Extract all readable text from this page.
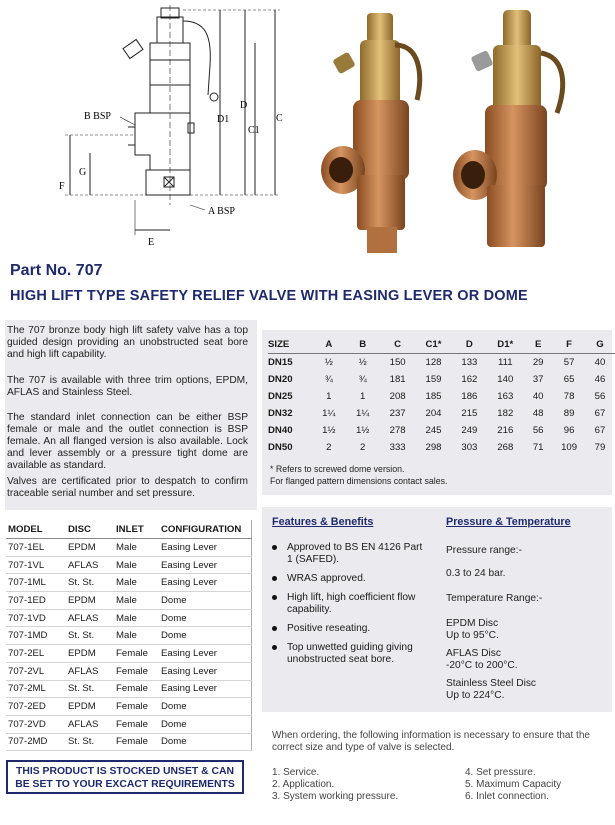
B BSP
A BSP
D
D1
C1
C
F
G
E
Part No. 707
HIGH LIFT TYPE SAFETY RELIEF VALVE WITH EASING LEVER OR DOME

The 707 bronze body high lift safety valve has a top guided design providing an unobstructed seat bore and high lift capability.

The 707 is available with three trim options, EPDM, AFLAS and Stainless Steel.

The standard inlet connection can be either BSP female or male and the outlet connection is BSP female. An all flanged version is also available. Lock and lever assembly or a pressure tight dome are available as standard.

Valves are certificated prior to despatch to confirm traceable serial number and set pressure.

SIZE	A	B	C	C1*	D	D1*	E	F	G
DN15	½	½	150	128	133	111	29	57	40
DN20	¾	¾	181	159	162	140	37	65	46
DN25	1	1	208	185	186	163	40	78	56
DN32	1¼	1¼	237	204	215	182	48	89	67
DN40	1½	1½	278	245	249	216	56	96	67
DN50	2	2	333	298	303	268	71	109	79
* Refers to screwed dome version.
For flanged pattern dimensions contact sales.
MODEL	DISC	INLET	CONFIGURATION
707-1EL	EPDM	Male	Easing Lever
707-1VL	AFLAS	Male	Easing Lever
707-1ML	St. St.	Male	Easing Lever
707-1ED	EPDM	Male	Dome
707-1VD	AFLAS	Male	Dome
707-1MD	St. St.	Male	Dome
707-2EL	EPDM	Female	Easing Lever
707-2VL	AFLAS	Female	Easing Lever
707-2ML	St. St.	Female	Easing Lever
707-2ED	EPDM	Female	Dome
707-2VD	AFLAS	Female	Dome
707-2MD	St. St.	Female	Dome
THIS PRODUCT IS STOCKED UNSET & CAN
BE SET TO YOUR EXCACT REQUIREMENTS
Features & Benefits
Approved to BS EN 4126 Part 1 (SAFED).
WRAS approved.
High lift, high coefficient flow capability.
Positive reseating.
Top unwetted guiding giving unobstructed seat bore.
Pressure & Temperature
Pressure range:-
0.3 to 24 bar.
Temperature Range:-
EPDM Disc
Up to 95°C.
AFLAS Disc
-20°C to 200°C.
Stainless Steel Disc
Up to 224°C.
When ordering, the following information is necessary to ensure that the correct size and type of valve is selected.
1. Service.
2. Application.
3. System working pressure.
4. Set pressure.
5. Maximum Capacity
6. Inlet connection.
